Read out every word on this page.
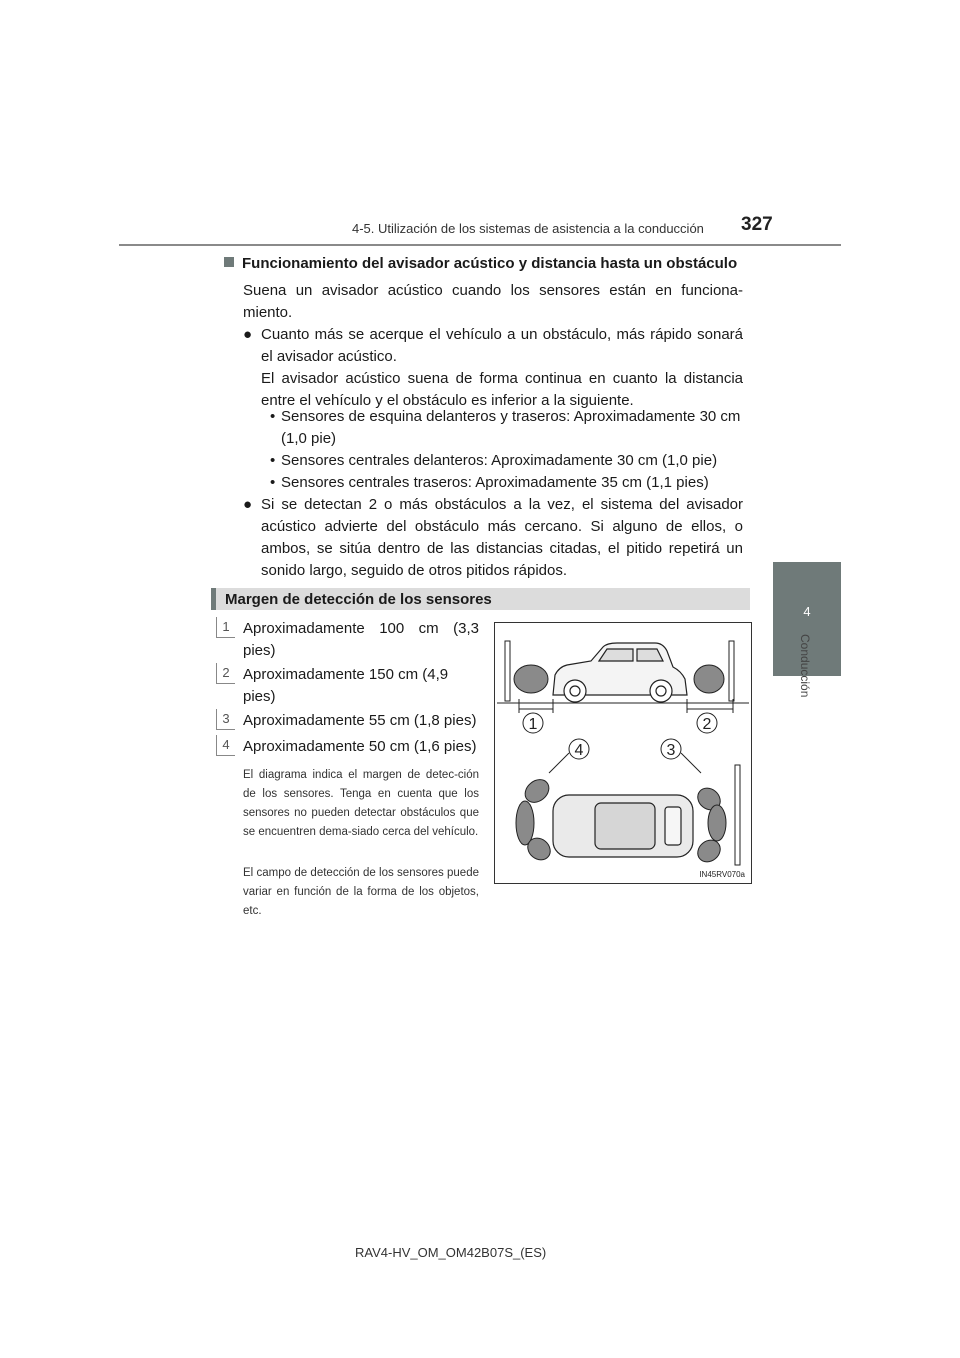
4-5. Utilización de los sistemas de asistencia a la conducción 327
4
Conducción
Funcionamiento del avisador acústico y distancia hasta un obstáculo
Suena un avisador acústico cuando los sensores están en funciona-miento.
● Cuanto más se acerque el vehículo a un obstáculo, más rápido sonará el avisador acústico.
El avisador acústico suena de forma continua en cuanto la distancia entre el vehículo y el obstáculo es inferior a la siguiente.
• Sensores de esquina delanteros y traseros: Aproximadamente 30 cm (1,0 pie)
• Sensores centrales delanteros: Aproximadamente 30 cm (1,0 pie)
• Sensores centrales traseros: Aproximadamente 35 cm (1,1 pies)
● Si se detectan 2 o más obstáculos a la vez, el sistema del avisador acústico advierte del obstáculo más cercano. Si alguno de ellos, o ambos, se sitúa dentro de las distancias citadas, el pitido repetirá un sonido largo, seguido de otros pitidos rápidos.
Margen de detección de los sensores
1 Aproximadamente 100 cm (3,3 pies)
2 Aproximadamente 150 cm (4,9 pies)
3 Aproximadamente 55 cm (1,8 pies)
4 Aproximadamente 50 cm (1,6 pies)
El diagrama indica el margen de detec-ción de los sensores. Tenga en cuenta que los sensores no pueden detectar obstáculos que se encuentren dema-siado cerca del vehículo.
El campo de detección de los sensores puede variar en función de la forma de los objetos, etc.
1	2
4	3
IN45RV070a
RAV4-HV_OM_OM42B07S_(ES)
